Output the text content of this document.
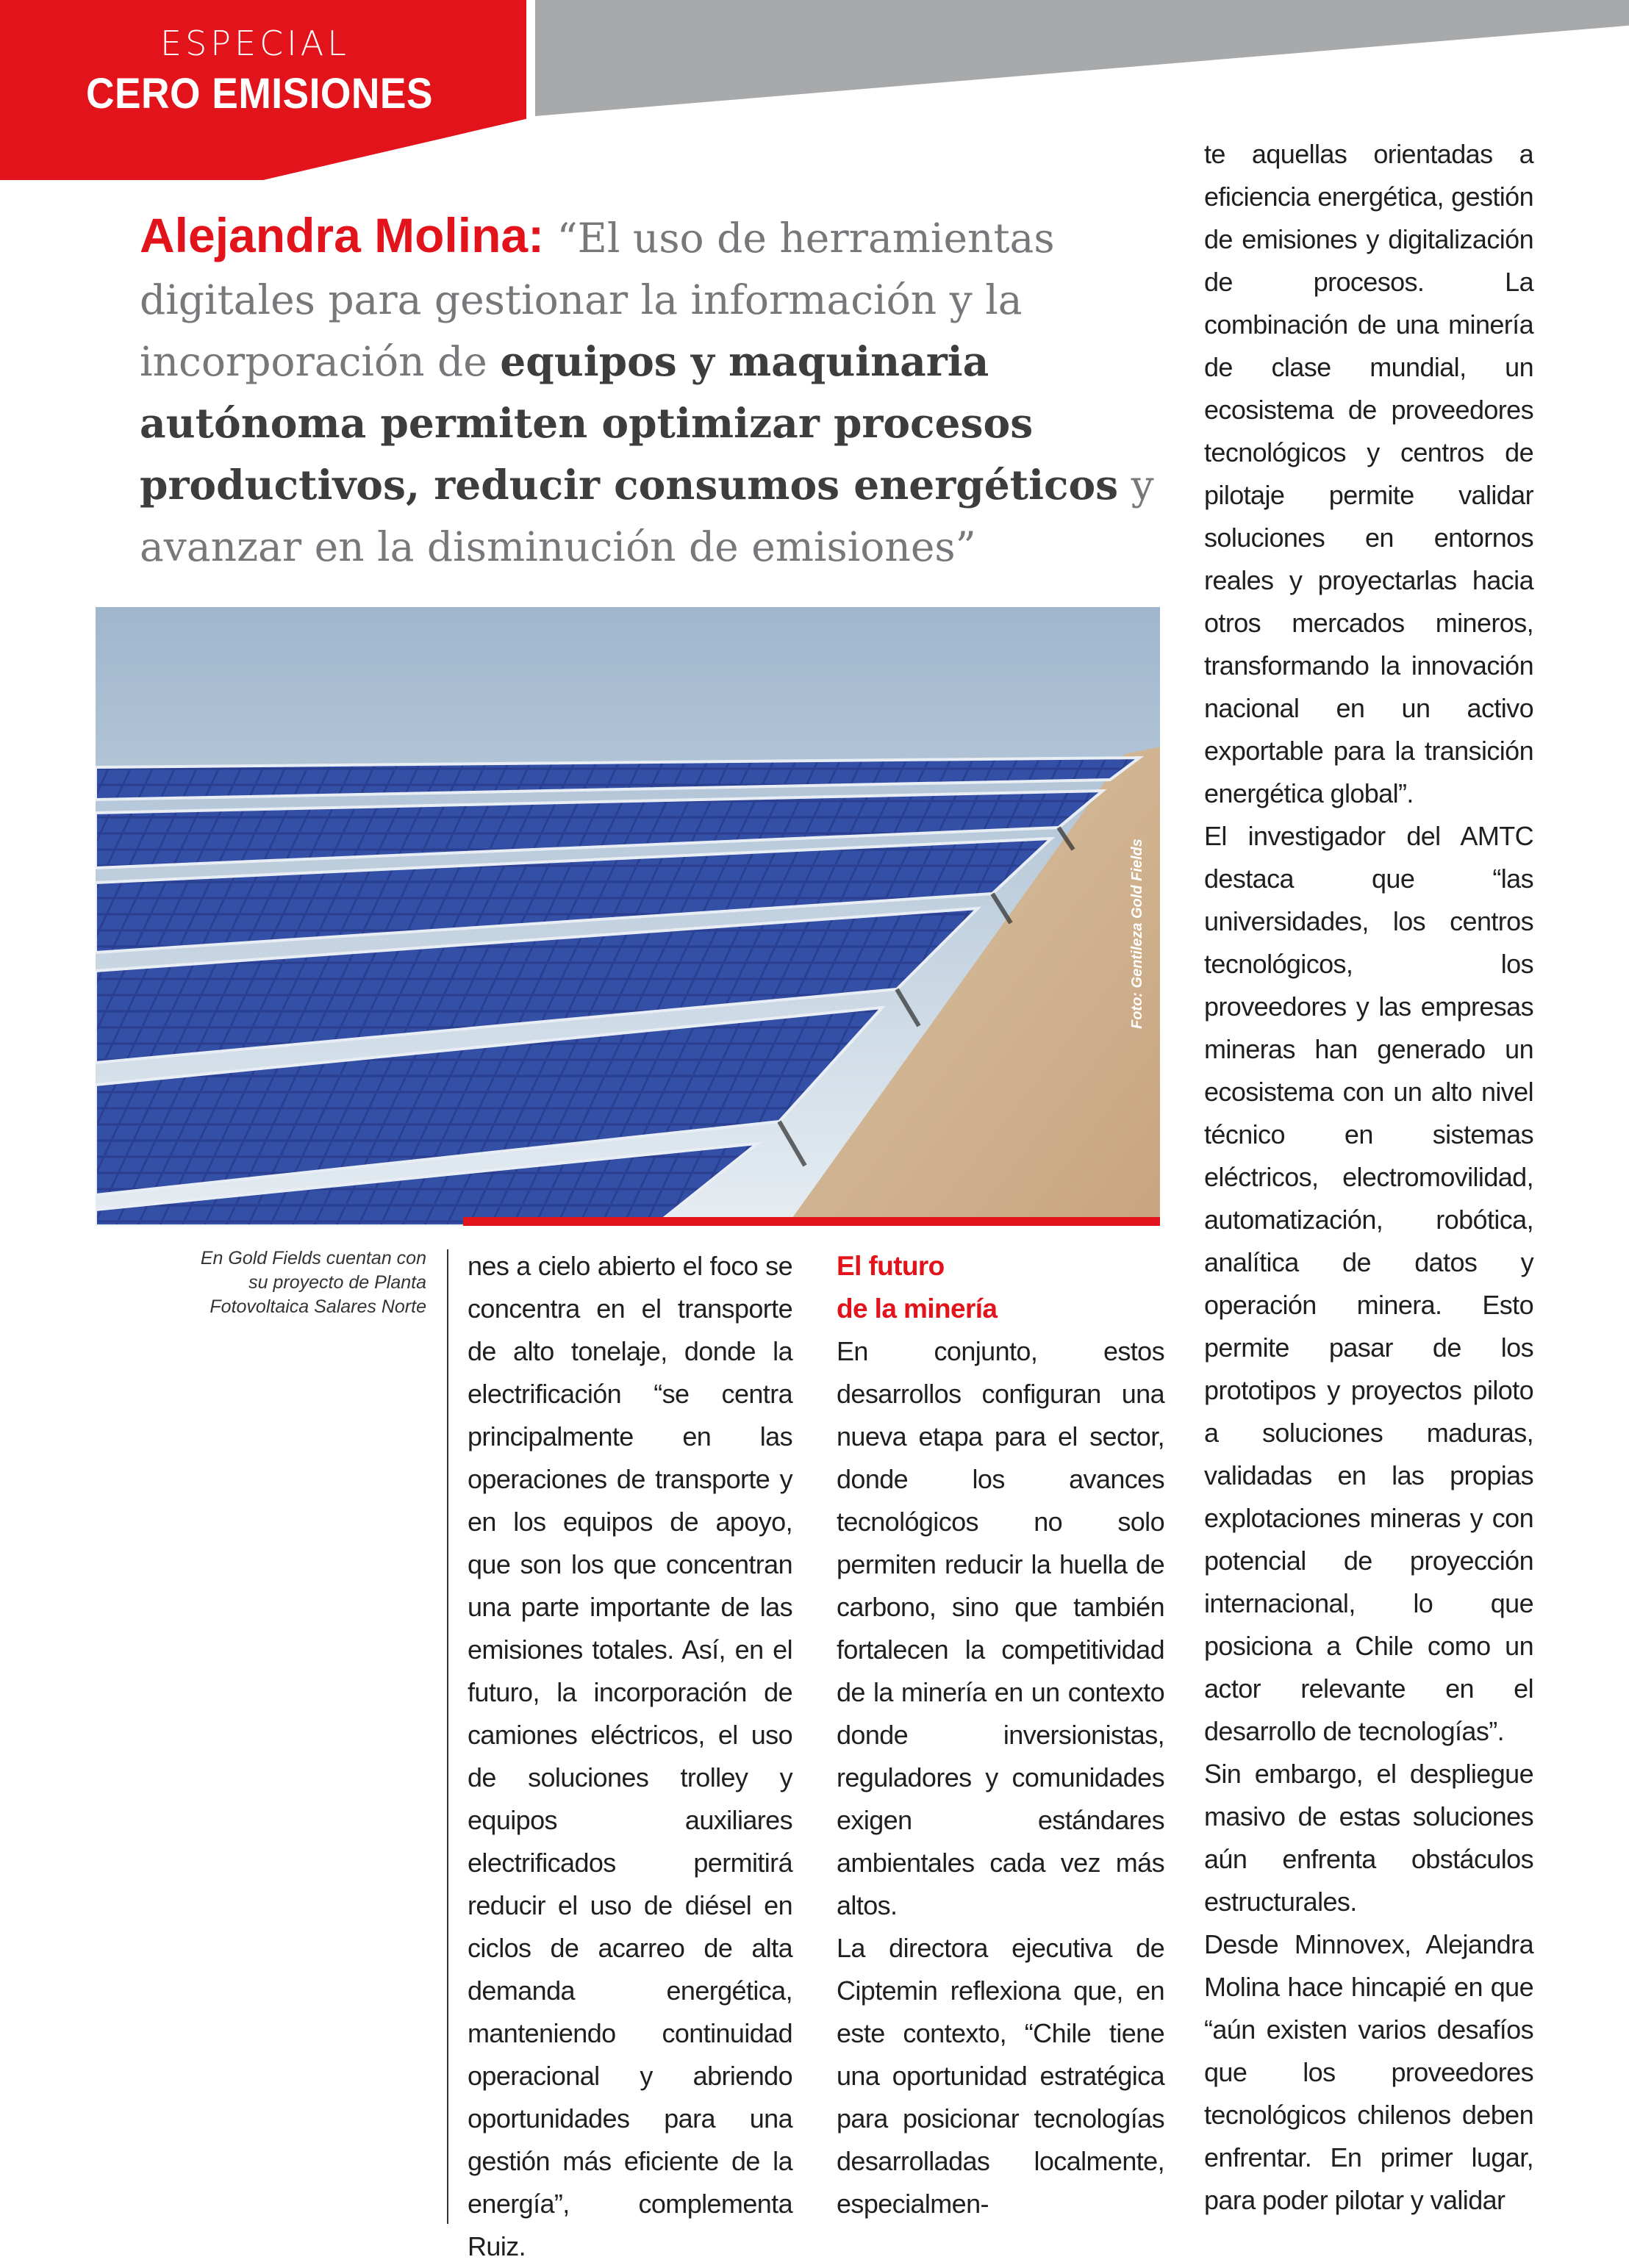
ESPECIAL
CERO EMISIONES
Alejandra Molina: “El uso de herramientas digitales para gestionar la información y la incorporación de equipos y maquinaria autónoma permiten optimizar procesos productivos, reducir consumos energéticos y avanzar en la disminución de emisiones”
Foto: Gentileza Gold Fields
En Gold Fields cuentan con su proyecto de Planta Fotovoltaica Salares Norte

nes a cielo abierto el foco se concentra en el transporte de alto tonelaje, donde la electrificación “se centra principalmente en las operaciones de transporte y en los equipos de apoyo, que son los que concentran una parte importante de las emisiones totales. Así, en el futuro, la incorporación de camiones eléctricos, el uso de soluciones trolley y equipos auxiliares electrificados permitirá reducir el uso de diésel en ciclos de acarreo de alta demanda energética, manteniendo continuidad operacional y abriendo oportunidades para una gestión más eficiente de la energía”, complementa Ruiz.

El futuro

de la minería

En conjunto, estos desarrollos configuran una nueva etapa para el sector, donde los avances tecnológicos no solo permiten reducir la huella de carbono, sino que también fortalecen la competitividad de la minería en un contexto donde inversionistas, reguladores y comunidades exigen estándares ambientales cada vez más altos.

La directora ejecutiva de Ciptemin reflexiona que, en este contexto, “Chile tiene una oportunidad estratégica para posicionar tecnologías desarrolladas localmente, especialmen-

te aquellas orientadas a eficiencia energética, gestión de emisiones y digitalización de procesos. La combinación de una minería de clase mundial, un ecosistema de proveedores tecnológicos y centros de pilotaje permite validar soluciones en entornos reales y proyectarlas hacia otros mercados mineros, transformando la innovación nacional en un activo exportable para la transición energética global”.

El investigador del AMTC destaca que “las universidades, los centros tecnológicos, los proveedores y las empresas mineras han generado un ecosistema con un alto nivel técnico en sistemas eléctricos, electromovilidad, automatización, robótica, analítica de datos y operación minera. Esto permite pasar de los prototipos y proyectos piloto a soluciones maduras, validadas en las propias explotaciones mineras y con potencial de proyección internacional, lo que posiciona a Chile como un actor relevante en el desarrollo de tecnologías”.

Sin embargo, el despliegue masivo de estas soluciones aún enfrenta obstáculos estructurales.

Desde Minnovex, Alejandra Molina hace hincapié en que “aún existen varios desafíos que los proveedores tecnológicos chilenos deben enfrentar. En primer lugar, para poder pilotar y validar
